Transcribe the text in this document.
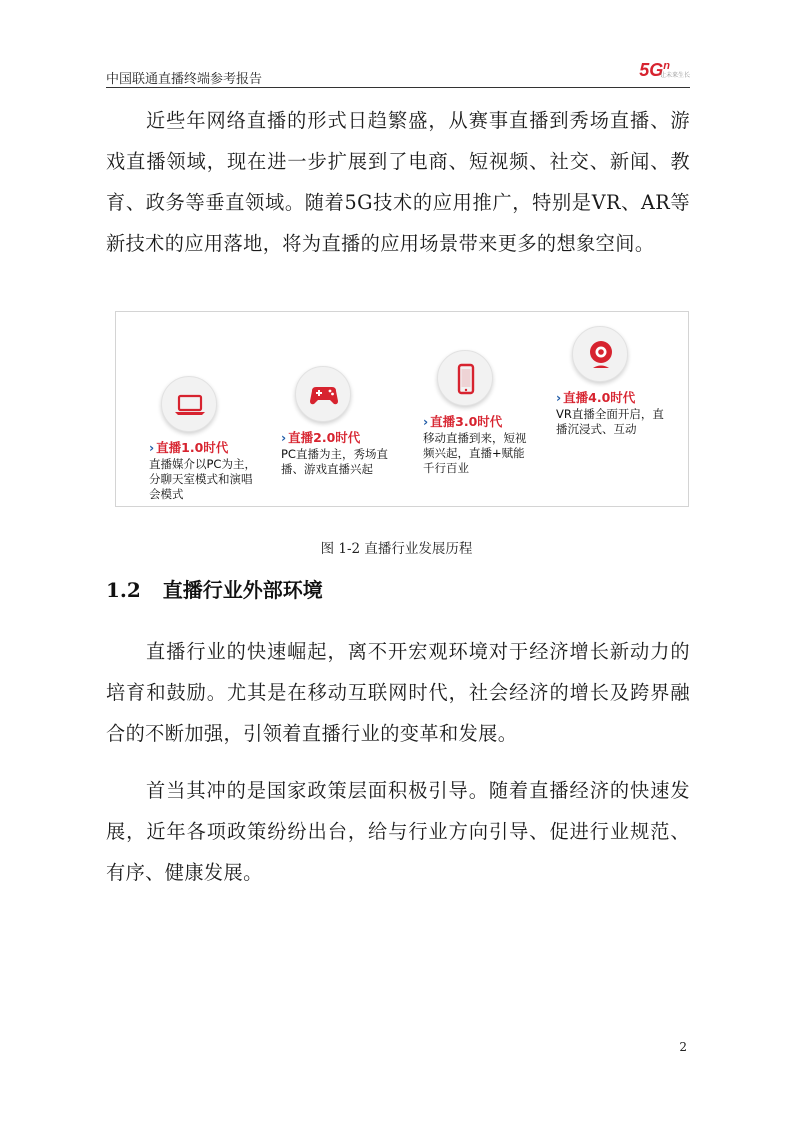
中国联通直播终端参考报告	$5G^n$
让未来生长

近些年网络直播的形式日趋繁盛，从赛事直播到秀场直播、游戏直播领域，现在进一步扩展到了电商、短视频、社交、新闻、教育、政务等垂直领域。随着5G技术的应用推广，特别是VR、AR等新技术的应用落地，将为直播的应用场景带来更多的想象空间。

› 直播1.0时代
直播媒介以PC为主，分聊天室模式和演唱会模式
› 直播2.0时代
PC直播为主，秀场直播、游戏直播兴起
› 直播3.0时代
移动直播到来，短视频兴起，直播+赋能千行百业
› 直播4.0时代
VR直播全面开启，直播沉浸式、互动
图 1-2 直播行业发展历程
1.2 直播行业外部环境

直播行业的快速崛起，离不开宏观环境对于经济增长新动力的培育和鼓励。尤其是在移动互联网时代，社会经济的增长及跨界融合的不断加强，引领着直播行业的变革和发展。

首当其冲的是国家政策层面积极引导。随着直播经济的快速发展，近年各项政策纷纷出台，给与行业方向引导、促进行业规范、有序、健康发展。

2
